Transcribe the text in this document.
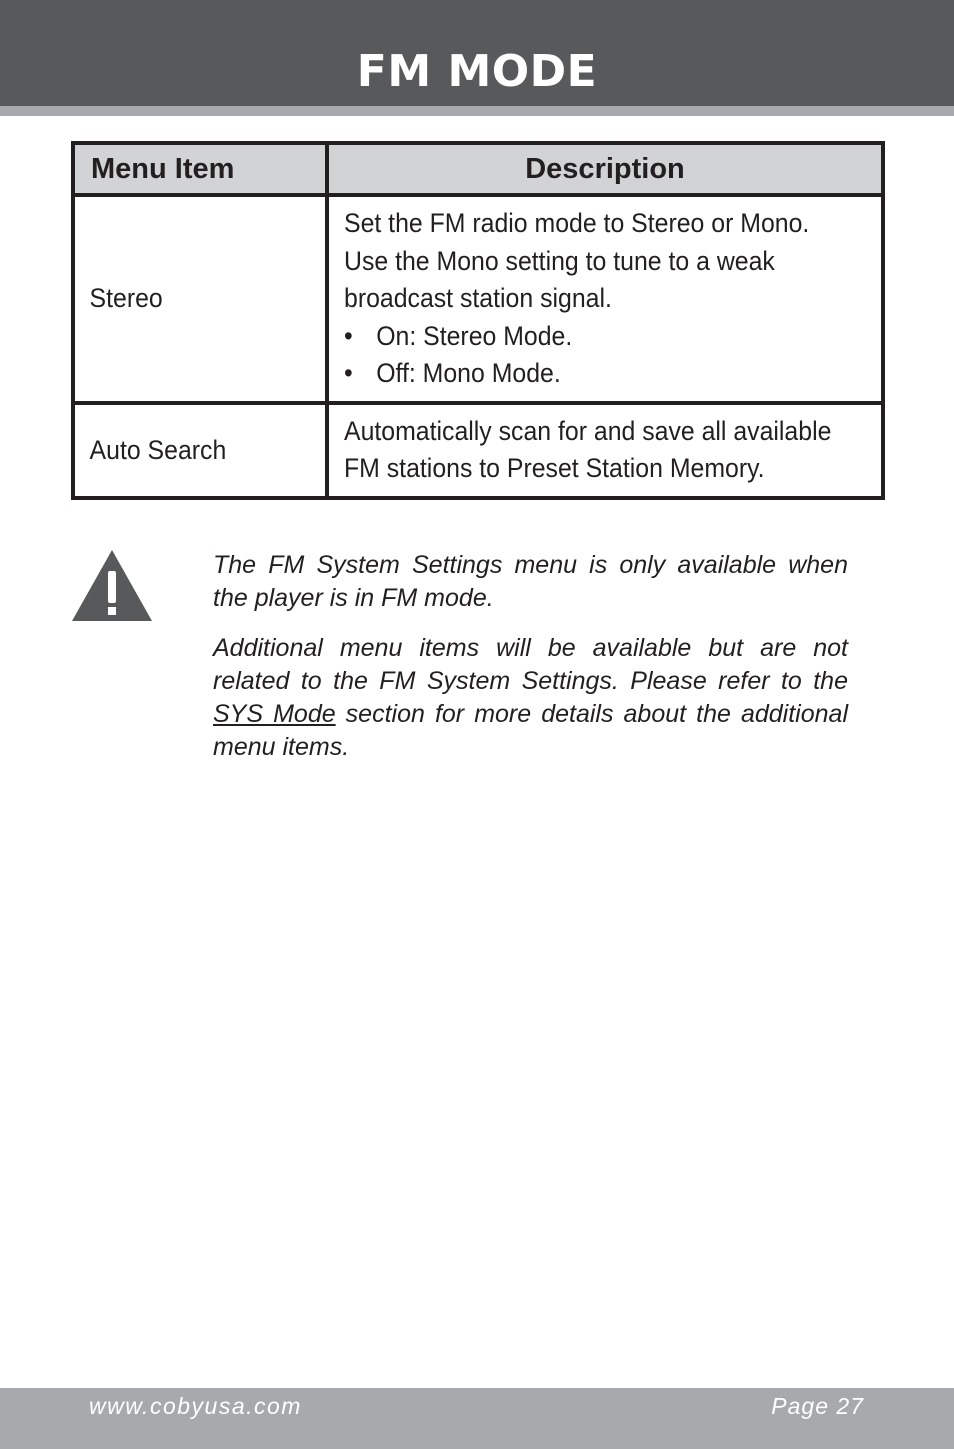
FM MODE
Menu Item	Description
Stereo	Set the FM radio mode to Stereo or Mono.
Use the Mono setting to tune to a weak
broadcast station signal.
• On: Stereo Mode.
• Off: Mono Mode.

Auto Search	Automatically scan for and save all available
FM stations to Preset Station Memory.

The FM System Settings menu is only available when the player is in FM mode.

Additional menu items will be available but are not related to the FM System Settings. Please refer to the SYS Mode section for more details about the additional menu items.

www.cobyusa.com	Page 27
